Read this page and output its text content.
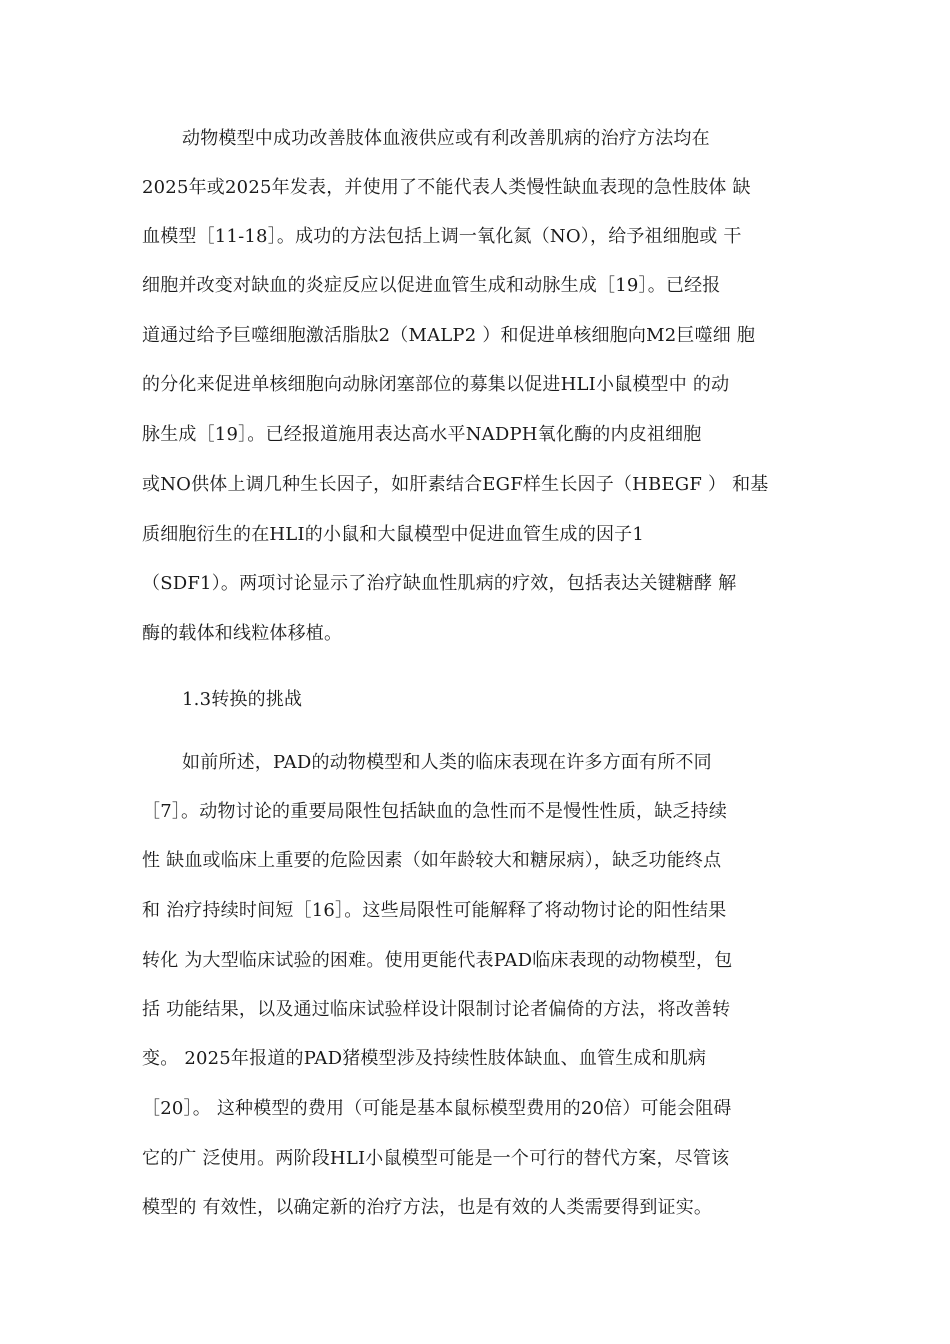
动物模型中成功改善肢体血液供应或有利改善肌病的治疗方法均在
2025年或2025年发表，并使用了不能代表人类慢性缺血表现的急性肢体 缺
血模型［11-18］。成功的方法包括上调一氧化氮（NO），给予祖细胞或 干
细胞并改变对缺血的炎症反应以促进血管生成和动脉生成［19］。已经报
道通过给予巨噬细胞激活脂肽2（MALP2 ）和促进单核细胞向M2巨噬细 胞
的分化来促进单核细胞向动脉闭塞部位的募集以促进HLI小鼠模型中 的动
脉生成［19］。已经报道施用表达高水平NADPH氧化酶的内皮祖细胞
或NO供体上调几种生长因子，如肝素结合EGF样生长因子（HBEGF ） 和基
质细胞衍生的在HLI的小鼠和大鼠模型中促进血管生成的因子1
（SDF1）。两项讨论显示了治疗缺血性肌病的疗效，包括表达关键糖酵 解
酶的载体和线粒体移植。
1.3转换的挑战
如前所述，PAD的动物模型和人类的临床表现在许多方面有所不同
［7］。动物讨论的重要局限性包括缺血的急性而不是慢性性质，缺乏持续
性 缺血或临床上重要的危险因素（如年龄较大和糖尿病），缺乏功能终点
和 治疗持续时间短［16］。这些局限性可能解释了将动物讨论的阳性结果
转化 为大型临床试验的困难。使用更能代表PAD临床表现的动物模型，包
括 功能结果，以及通过临床试验样设计限制讨论者偏倚的方法，将改善转
变。 2025年报道的PAD猪模型涉及持续性肢体缺血、血管生成和肌病
［20］。 这种模型的费用（可能是基本鼠标模型费用的20倍）可能会阻碍
它的广 泛使用。两阶段HLI小鼠模型可能是一个可行的替代方案，尽管该
模型的 有效性，以确定新的治疗方法，也是有效的人类需要得到证实。
